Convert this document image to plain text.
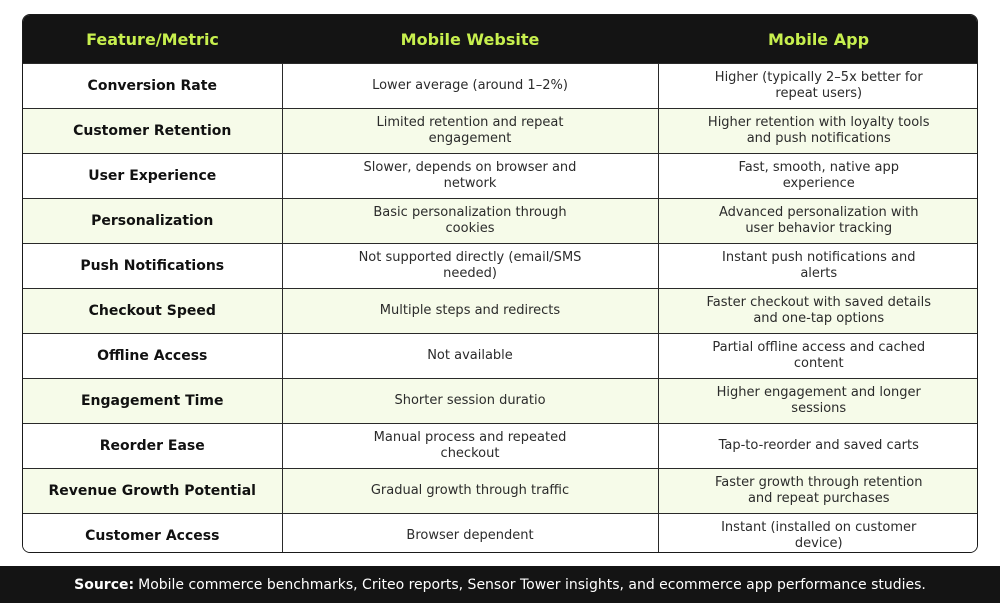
Feature/Metric	Mobile Website	Mobile App
Conversion Rate	Lower average (around 1–2%)	Higher (typically 2–5x better for repeat users)
Customer Retention	Limited retention and repeat engagement	Higher retention with loyalty tools and push notifications
User Experience	Slower, depends on browser and network	Fast, smooth, native app experience
Personalization	Basic personalization through cookies	Advanced personalization with user behavior tracking
Push Notifications	Not supported directly (email/SMS needed)	Instant push notifications and alerts
Checkout Speed	Multiple steps and redirects	Faster checkout with saved details and one-tap options
Offline Access	Not available	Partial offline access and cached content
Engagement Time	Shorter session duratio	Higher engagement and longer sessions
Reorder Ease	Manual process and repeated checkout	Tap-to-reorder and saved carts
Revenue Growth Potential	Gradual growth through traffic	Faster growth through retention and repeat purchases
Customer Access	Browser dependent	Instant (installed on customer device)
Source: Mobile commerce benchmarks, Criteo reports, Sensor Tower insights, and ecommerce app performance studies.
